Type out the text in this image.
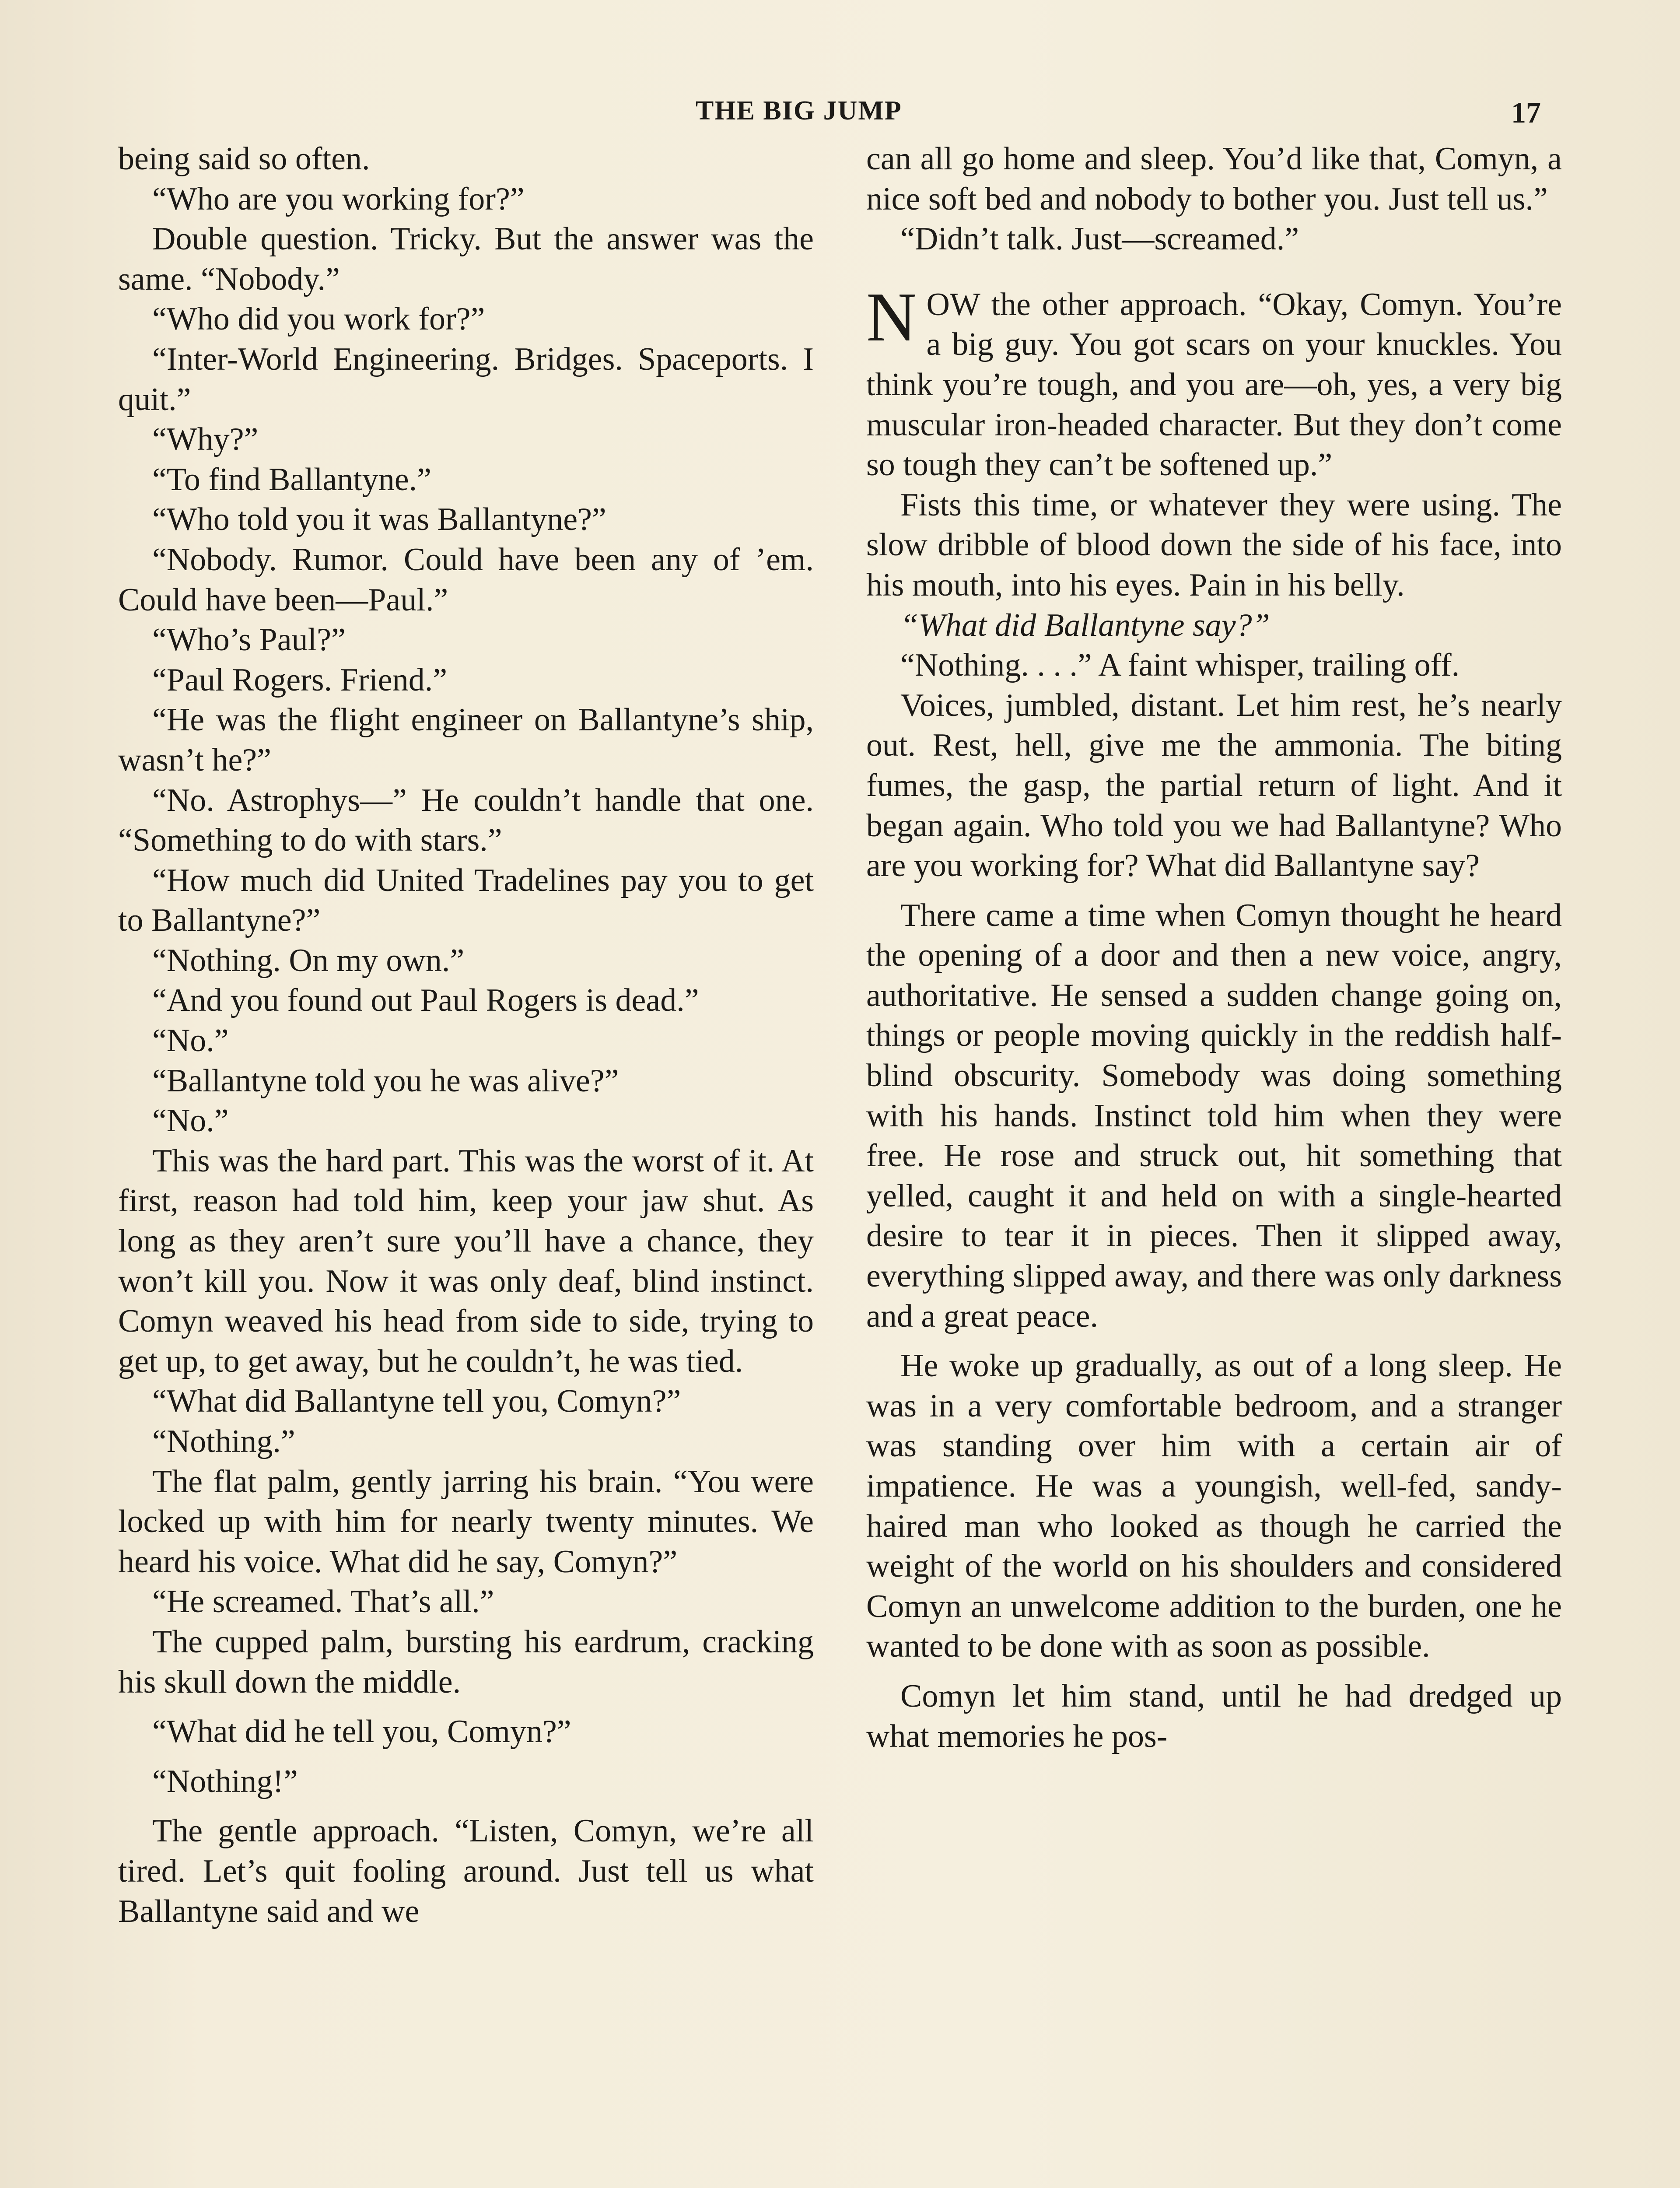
THE BIG JUMP	17

being said so often.

“Who are you working for?”

Double question. Tricky. But the answer was the same. “Nobody.”

“Who did you work for?”

“Inter-World Engineering. Bridges. Spaceports. I quit.”

“Why?”

“To find Ballantyne.”

“Who told you it was Ballantyne?”

“Nobody. Rumor. Could have been any of ’em. Could have been—Paul.”

“Who’s Paul?”

“Paul Rogers. Friend.”

“He was the flight engineer on Ballantyne’s ship, wasn’t he?”

“No. Astrophys—” He couldn’t handle that one. “Something to do with stars.”

“How much did United Tradelines pay you to get to Ballantyne?”

“Nothing. On my own.”

“And you found out Paul Rogers is dead.”

“No.”

“Ballantyne told you he was alive?”

“No.”

This was the hard part. This was the worst of it. At first, reason had told him, keep your jaw shut. As long as they aren’t sure you’ll have a chance, they won’t kill you. Now it was only deaf, blind instinct. Comyn weaved his head from side to side, trying to get up, to get away, but he couldn’t, he was tied.

“What did Ballantyne tell you, Comyn?”

“Nothing.”

The flat palm, gently jarring his brain. “You were locked up with him for nearly twenty minutes. We heard his voice. What did he say, Comyn?”

“He screamed. That’s all.”

The cupped palm, bursting his eardrum, cracking his skull down the middle.

“What did he tell you, Comyn?”

“Nothing!”

The gentle approach. “Listen, Comyn, we’re all tired. Let’s quit fooling around. Just tell us what Ballantyne said and we

can all go home and sleep. You’d like that, Comyn, a nice soft bed and nobody to bother you. Just tell us.”

“Didn’t talk. Just—screamed.”

NOW the other approach. “Okay, Comyn. You’re a big guy. You got scars on your knuckles. You think you’re tough, and you are—oh, yes, a very big muscular iron-headed character. But they don’t come so tough they can’t be softened up.”

Fists this time, or whatever they were using. The slow dribble of blood down the side of his face, into his mouth, into his eyes. Pain in his belly.

“What did Ballantyne say?”

“Nothing. . . .” A faint whisper, trailing off.

Voices, jumbled, distant. Let him rest, he’s nearly out. Rest, hell, give me the ammonia. The biting fumes, the gasp, the partial return of light. And it began again. Who told you we had Ballantyne? Who are you working for? What did Ballantyne say?

There came a time when Comyn thought he heard the opening of a door and then a new voice, angry, authoritative. He sensed a sudden change going on, things or people moving quickly in the reddish half-blind obscurity. Somebody was doing something with his hands. Instinct told him when they were free. He rose and struck out, hit something that yelled, caught it and held on with a single-hearted desire to tear it in pieces. Then it slipped away, everything slipped away, and there was only darkness and a great peace.

He woke up gradually, as out of a long sleep. He was in a very comfortable bedroom, and a stranger was standing over him with a certain air of impatience. He was a youngish, well-fed, sandy-haired man who looked as though he carried the weight of the world on his shoulders and considered Comyn an unwelcome addition to the burden, one he wanted to be done with as soon as possible.

Comyn let him stand, until he had dredged up what memories he pos-
